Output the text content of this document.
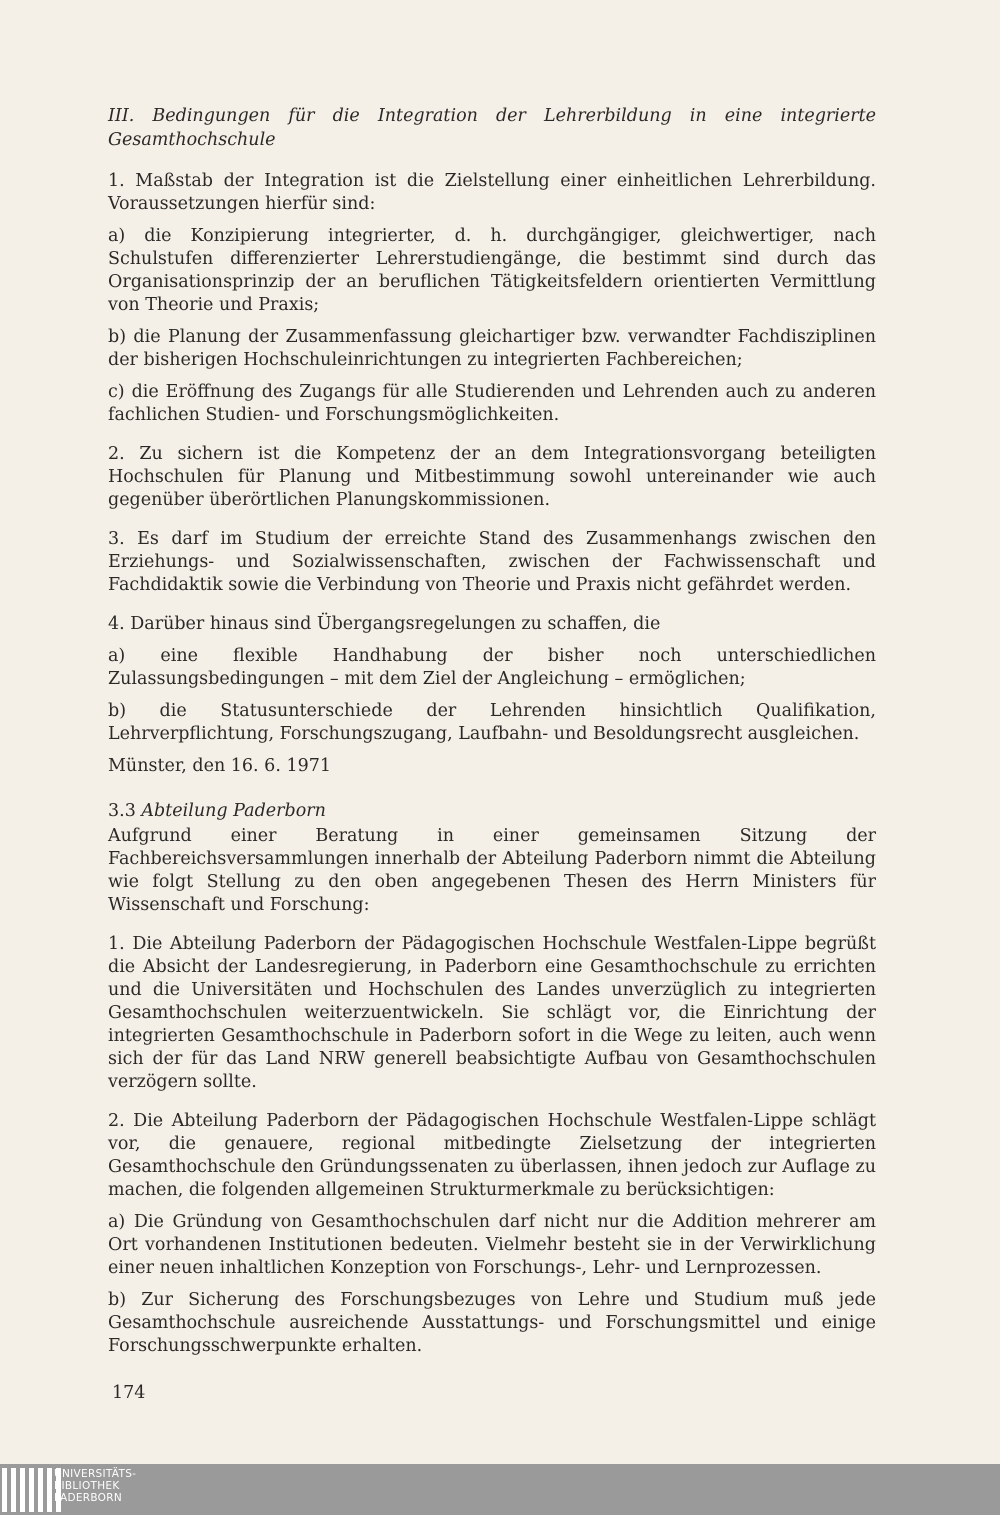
III. Bedingungen für die Integration der Lehrerbildung in eine integrierte Gesamthochschule

1. Maßstab der Integration ist die Zielstellung einer einheitlichen Lehrerbildung. Voraussetzungen hierfür sind:

a) die Konzipierung integrierter, d. h. durchgängiger, gleichwertiger, nach Schulstufen differenzierter Lehrerstudiengänge, die bestimmt sind durch das Organisationsprinzip der an beruflichen Tätigkeitsfeldern orientierten Vermittlung von Theorie und Praxis;

b) die Planung der Zusammenfassung gleichartiger bzw. verwandter Fachdisziplinen der bisherigen Hochschuleinrichtungen zu integrierten Fachbereichen;

c) die Eröffnung des Zugangs für alle Studierenden und Lehrenden auch zu anderen fachlichen Studien- und Forschungsmöglichkeiten.

2. Zu sichern ist die Kompetenz der an dem Integrationsvorgang beteiligten Hochschulen für Planung und Mitbestimmung sowohl untereinander wie auch gegenüber überörtlichen Planungskommissionen.

3. Es darf im Studium der erreichte Stand des Zusammenhangs zwischen den Erziehungs- und Sozialwissenschaften, zwischen der Fachwissenschaft und Fachdidaktik sowie die Verbindung von Theorie und Praxis nicht gefährdet werden.

4. Darüber hinaus sind Übergangsregelungen zu schaffen, die

a) eine flexible Handhabung der bisher noch unterschiedlichen Zulassungsbedingungen – mit dem Ziel der Angleichung – ermöglichen;

b) die Statusunterschiede der Lehrenden hinsichtlich Qualifikation, Lehrverpflichtung, Forschungszugang, Laufbahn- und Besoldungsrecht ausgleichen.

Münster, den 16. 6. 1971

3.3 Abteilung Paderborn

Aufgrund einer Beratung in einer gemeinsamen Sitzung der Fachbereichsversammlungen innerhalb der Abteilung Paderborn nimmt die Abteilung wie folgt Stellung zu den oben angegebenen Thesen des Herrn Ministers für Wissenschaft und Forschung:

1. Die Abteilung Paderborn der Pädagogischen Hochschule Westfalen-Lippe begrüßt die Absicht der Landesregierung, in Paderborn eine Gesamthochschule zu errichten und die Universitäten und Hochschulen des Landes unverzüglich zu integrierten Gesamthochschulen weiterzuentwickeln. Sie schlägt vor, die Einrichtung der integrierten Gesamthochschule in Paderborn sofort in die Wege zu leiten, auch wenn sich der für das Land NRW generell beabsichtigte Aufbau von Gesamthochschulen verzögern sollte.

2. Die Abteilung Paderborn der Pädagogischen Hochschule Westfalen-Lippe schlägt vor, die genauere, regional mitbedingte Zielsetzung der integrierten Gesamthochschule den Gründungssenaten zu überlassen, ihnen jedoch zur Auflage zu machen, die folgenden allgemeinen Strukturmerkmale zu berücksichtigen:

a) Die Gründung von Gesamthochschulen darf nicht nur die Addition mehrerer am Ort vorhandenen Institutionen bedeuten. Vielmehr besteht sie in der Verwirklichung einer neuen inhaltlichen Konzeption von Forschungs-, Lehr- und Lernprozessen.

b) Zur Sicherung des Forschungsbezuges von Lehre und Studium muß jede Gesamthochschule ausreichende Ausstattungs- und Forschungsmittel und einige Forschungsschwerpunkte erhalten.

174
UNIVERSITÄTS-
BIBLIOTHEK
PADERBORN
